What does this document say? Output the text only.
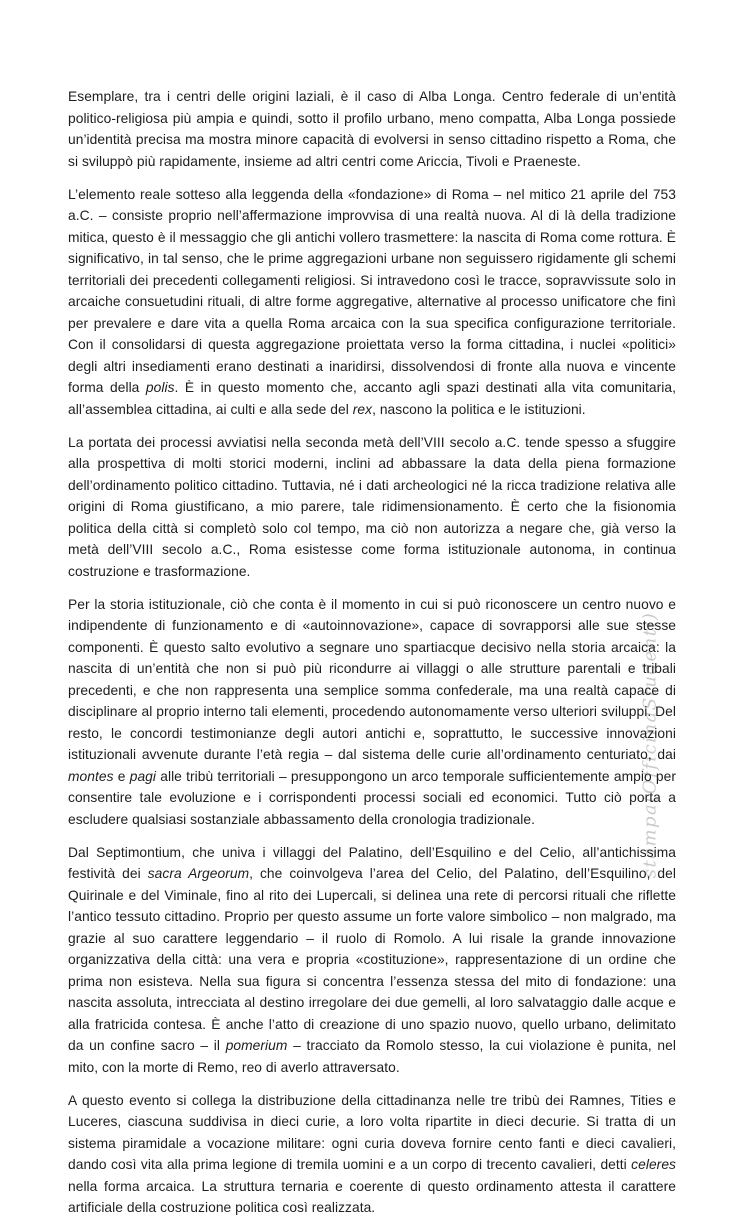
stampa(OfficinaStudenti)

Esemplare, tra i centri delle origini laziali, è il caso di Alba Longa. Centro federale di un’entità politico-religiosa più ampia e quindi, sotto il profilo urbano, meno compatta, Alba Longa possiede un’identità precisa ma mostra minore capacità di evolversi in senso cittadino rispetto a Roma, che si sviluppò più rapidamente, insieme ad altri centri come Ariccia, Tivoli e Praeneste.

L’elemento reale sotteso alla leggenda della «fondazione» di Roma – nel mitico 21 aprile del 753 a.C. – consiste proprio nell’affermazione improvvisa di una realtà nuova. Al di là della tradizione mitica, questo è il messaggio che gli antichi vollero trasmettere: la nascita di Roma come rottura. È significativo, in tal senso, che le prime aggregazioni urbane non seguissero rigidamente gli schemi territoriali dei precedenti collegamenti religiosi. Si intravedono così le tracce, sopravvissute solo in arcaiche consuetudini rituali, di altre forme aggregative, alternative al processo unificatore che finì per prevalere e dare vita a quella Roma arcaica con la sua specifica configurazione territoriale. Con il consolidarsi di questa aggregazione proiettata verso la forma cittadina, i nuclei «politici» degli altri insediamenti erano destinati a inaridirsi, dissolvendosi di fronte alla nuova e vincente forma della polis. È in questo momento che, accanto agli spazi destinati alla vita comunitaria, all’assemblea cittadina, ai culti e alla sede del rex, nascono la politica e le istituzioni.

La portata dei processi avviatisi nella seconda metà dell’VIII secolo a.C. tende spesso a sfuggire alla prospettiva di molti storici moderni, inclini ad abbassare la data della piena formazione dell’ordinamento politico cittadino. Tuttavia, né i dati archeologici né la ricca tradizione relativa alle origini di Roma giustificano, a mio parere, tale ridimensionamento. È certo che la fisionomia politica della città si completò solo col tempo, ma ciò non autorizza a negare che, già verso la metà dell’VIII secolo a.C., Roma esistesse come forma istituzionale autonoma, in continua costruzione e trasformazione.

Per la storia istituzionale, ciò che conta è il momento in cui si può riconoscere un centro nuovo e indipendente di funzionamento e di «autoinnovazione», capace di sovrapporsi alle sue stesse componenti. È questo salto evolutivo a segnare uno spartiacque decisivo nella storia arcaica: la nascita di un’entità che non si può più ricondurre ai villaggi o alle strutture parentali e tribali precedenti, e che non rappresenta una semplice somma confederale, ma una realtà capace di disciplinare al proprio interno tali elementi, procedendo autonomamente verso ulteriori sviluppi. Del resto, le concordi testimonianze degli autori antichi e, soprattutto, le successive innovazioni istituzionali avvenute durante l’età regia – dal sistema delle curie all’ordinamento centuriato, dai montes e pagi alle tribù territoriali – presuppongono un arco temporale sufficientemente ampio per consentire tale evoluzione e i corrispondenti processi sociali ed economici. Tutto ciò porta a escludere qualsiasi sostanziale abbassamento della cronologia tradizionale.

Dal Septimontium, che univa i villaggi del Palatino, dell’Esquilino e del Celio, all’antichissima festività dei sacra Argeorum, che coinvolgeva l’area del Celio, del Palatino, dell’Esquilino, del Quirinale e del Viminale, fino al rito dei Lupercali, si delinea una rete di percorsi rituali che riflette l’antico tessuto cittadino. Proprio per questo assume un forte valore simbolico – non malgrado, ma grazie al suo carattere leggendario – il ruolo di Romolo. A lui risale la grande innovazione organizzativa della città: una vera e propria «costituzione», rappresentazione di un ordine che prima non esisteva. Nella sua figura si concentra l’essenza stessa del mito di fondazione: una nascita assoluta, intrecciata al destino irregolare dei due gemelli, al loro salvataggio dalle acque e alla fratricida contesa. È anche l’atto di creazione di uno spazio nuovo, quello urbano, delimitato da un confine sacro – il pomerium – tracciato da Romolo stesso, la cui violazione è punita, nel mito, con la morte di Remo, reo di averlo attraversato.

A questo evento si collega la distribuzione della cittadinanza nelle tre tribù dei Ramnes, Tities e Luceres, ciascuna suddivisa in dieci curie, a loro volta ripartite in dieci decurie. Si tratta di un sistema piramidale a vocazione militare: ogni curia doveva fornire cento fanti e dieci cavalieri, dando così vita alla prima legione di tremila uomini e a un corpo di trecento cavalieri, detti celeres nella forma arcaica. La struttura ternaria e coerente di questo ordinamento attesta il carattere artificiale della costruzione politica così realizzata.
